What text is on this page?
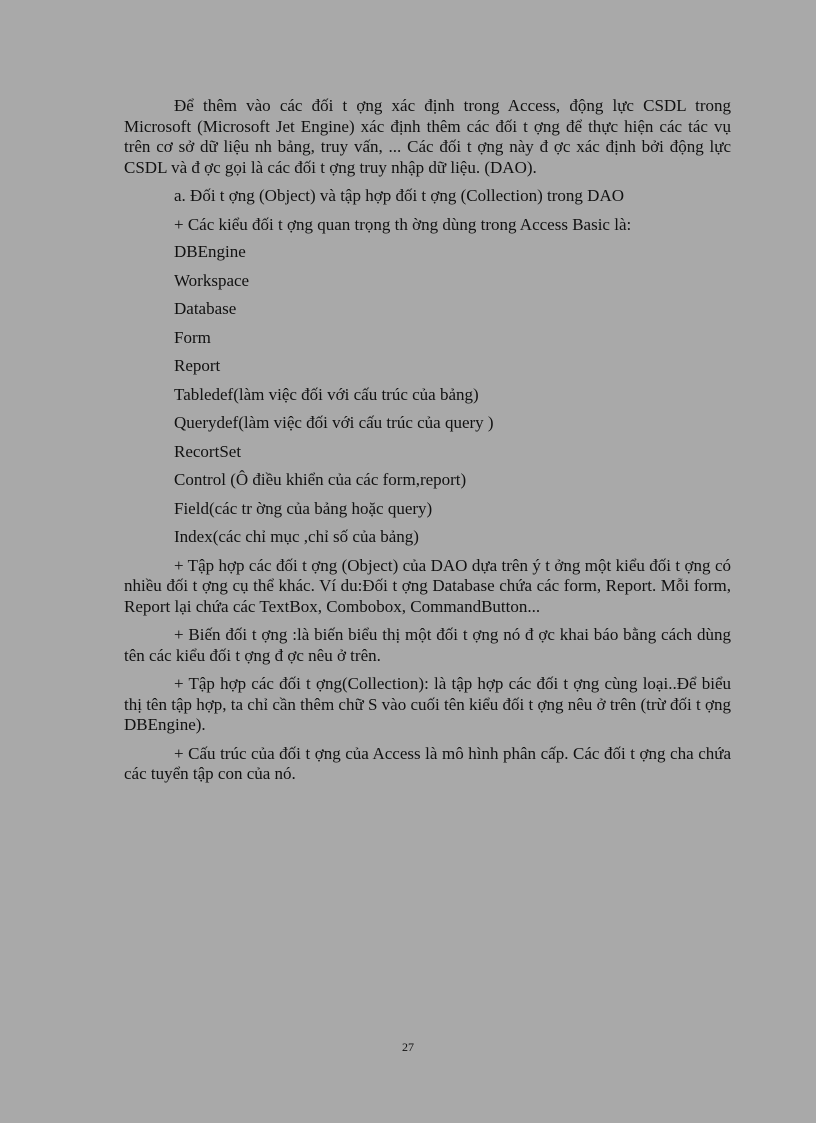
Để thêm vào các đối t ợng xác định trong Access, động lực CSDL trong Microsoft (Microsoft Jet Engine) xác định thêm các đối t ợng để thực hiện các tác vụ trên cơ sở dữ liệu nh bảng, truy vấn, ... Các đối t ợng này đ ợc xác định bởi động lực CSDL và đ ợc gọi là các đối t ợng truy nhập dữ liệu. (DAO).

a. Đối t ợng (Object) và tập hợp đối t ợng (Collection) trong DAO

+ Các kiểu đối t ợng quan trọng th ờng dùng trong Access Basic là:
DBEngine
Workspace
Database
Form
Report
Tabledef(làm việc đối với cấu trúc của bảng)
Querydef(làm việc đối với cấu trúc của query )
RecortSet
Control (Ô điều khiển của các form,report)
Field(các tr ờng của bảng hoặc query)
Index(các chỉ mục ,chỉ số của bảng)

+ Tập hợp các đối t ợng (Object) của DAO dựa trên ý t ởng một kiểu đối t ợng có nhiều đối t ợng cụ thể khác. Ví du:Đối t ợng Database chứa các form, Report. Mỗi form, Report lại chứa các TextBox, Combobox, CommandButton...

+ Biến đối t ợng :là biến biểu thị một đối t ợng nó đ ợc khai báo bằng cách dùng tên các kiểu đối t ợng đ ợc nêu ở trên.

+ Tập hợp các đối t ợng(Collection): là tập hợp các đối t ợng cùng loại..Để biểu thị tên tập hợp, ta chỉ cần thêm chữ S vào cuối tên kiểu đối t ợng nêu ở trên (trừ đối t ợng DBEngine).

+ Cấu trúc của đối t ợng của Access là mô hình phân cấp. Các đối t ợng cha chứa các tuyển tập con của nó.

27
